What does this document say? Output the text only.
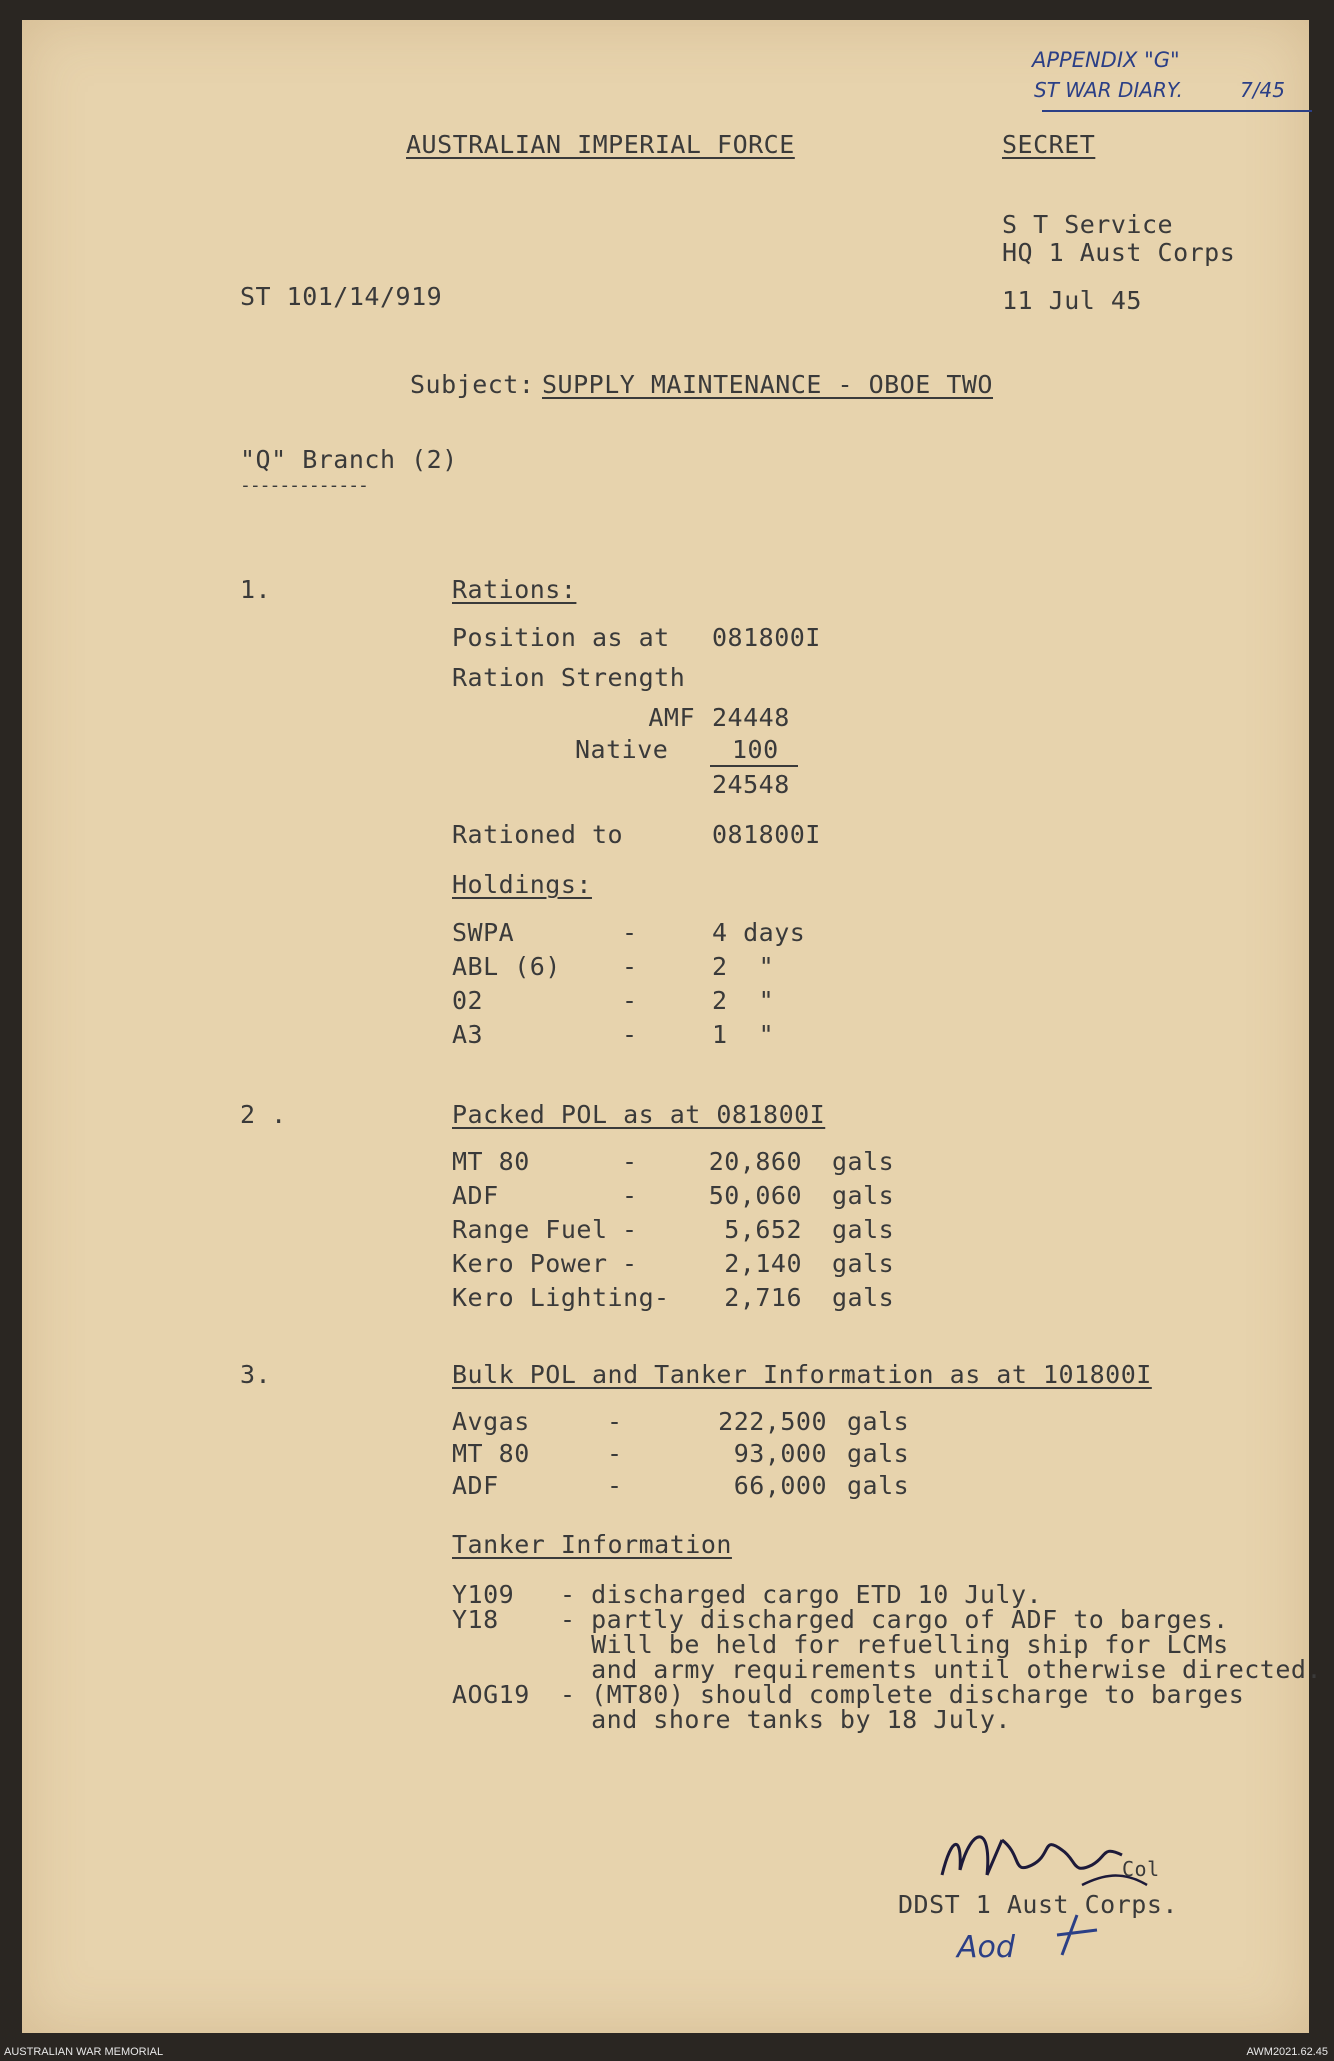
APPENDIX "G"
ST WAR DIARY.	7/45
AUSTRALIAN IMPERIAL FORCE	SECRET
S T Service
HQ 1 Aust Corps
ST 101/14/919	11 Jul 45
Subject: SUPPLY MAINTENANCE - OBOE TWO
"Q" Branch (2)
-------------
1.	Rations:
Position as at 081800I
Ration Strength
AMF 24448
Native	100
24548
Rationed to	081800I
Holdings:
SWPA	-	4 days
ABL (6) -	2  "
02	-	2  "
A3	-	1  "
2 .	Packed POL as at 081800I
MT 80	-	20,860 gals
ADF	-	50,060 gals
Range Fuel -	5,652 gals
Kero Power -	2,140 gals
Kero Lighting -	2,716 gals
3.	Bulk POL and Tanker Information as at 101800I
Avgas	-	222,500 gals
MT 80	-	93,000 gals
ADF	-	66,000 gals
Tanker Information
Y109 - discharged cargo ETD 10 July.
Y18 - partly discharged cargo of ADF to barges.
Will be held for refuelling ship for LCMs
and army requirements until otherwise directed.
AOG19 - (MT80) should complete discharge to barges
and shore tanks by 18 July.
Col
DDST 1 Aust Corps.
Aod
AUSTRALIAN WAR MEMORIAL	AWM2021.62.45
